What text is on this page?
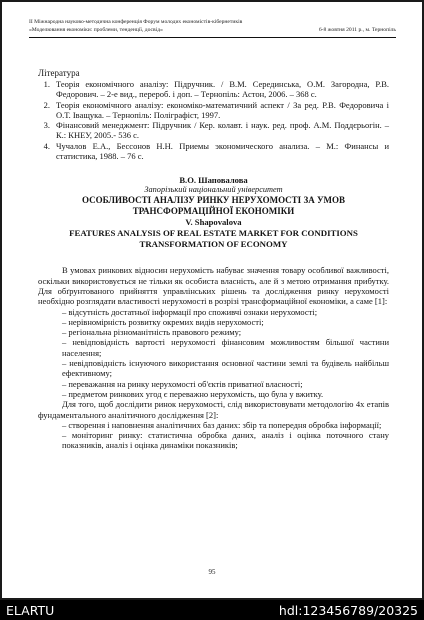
ІІ Міжнародна науково-методична конференція Форум молодих економістів-кібернетиків
«Моделювання економіки: проблеми, тенденції, досвід»	6-8 жовтня 2011 р., м. Тернопіль
Література
1. Теорія економічного аналізу: Підручник. / В.М. Серединська, О.М. Загородна, Р.В. Федорович. – 2-е вид., перероб. і доп. – Тернопіль: Астон, 2006. – 368 с.
2. Теорія економічного аналізу: економіко-математичний аспект / За ред. Р.В. Федоровича і О.Т. Іващука. – Тернопіль: Поліграфіст, 1997.
3. Фінансовий менеджмент: Підручник / Кер. колавт. і наук. ред. проф. А.М. Поддєрьогін. – К.: КНЕУ, 2005.- 536 с.
4. Чучалов Е.А., Бессонов Н.Н. Приемы экономического анализа. – М.: Финансы и статистика, 1988. – 76 с.
В.О. Шаповалова
Запорізький національний університет
ОСОБЛИВОСТІ АНАЛІЗУ РИНКУ НЕРУХОМОСТІ ЗА УМОВ
ТРАНСФОРМАЦІЙНОЇ ЕКОНОМІКИ
V. Shapovalova
FEATURES ANALYSIS OF REAL ESTATE MARKET FOR CONDITIONS
TRANSFORMATION OF ECONOMY

В умовах ринкових відносин нерухомість набуває значення товару особливої важливості, оскільки використовується не тільки як особиста власність, але й з метою отримання прибутку. Для обґрунтованого прийняття управлінських рішень та дослідження ринку нерухомості необхідно розглядати властивості нерухомості в розрізі трансформаційної економіки, а саме [1]:

– відсутність достатньої інформації про споживчі ознаки нерухомості;

– нерівномірність розвитку окремих видів нерухомості;

– регіональна різноманітність правового режиму;

– невідповідність вартості нерухомості фінансовим можливостям більшої частини населення;

– невідповідність існуючого використання основної частини землі та будівель найбільш ефективному;

– переважання на ринку нерухомості об'єктів приватної власності;

– предметом ринкових угод є переважно нерухомість, що була у вжитку.

Для того, щоб дослідити ринок нерухомості, слід використовувати методологію 4х етапів фундаментального аналітичного дослідження [2]:

– створення і наповнення аналітичних баз даних: збір та попередня обробка інформації;

– моніторинг ринку: статистична обробка даних, аналіз і оцінка поточного стану показників, аналіз і оцінка динаміки показників;

95
ELARTU	hdl:123456789/20325
